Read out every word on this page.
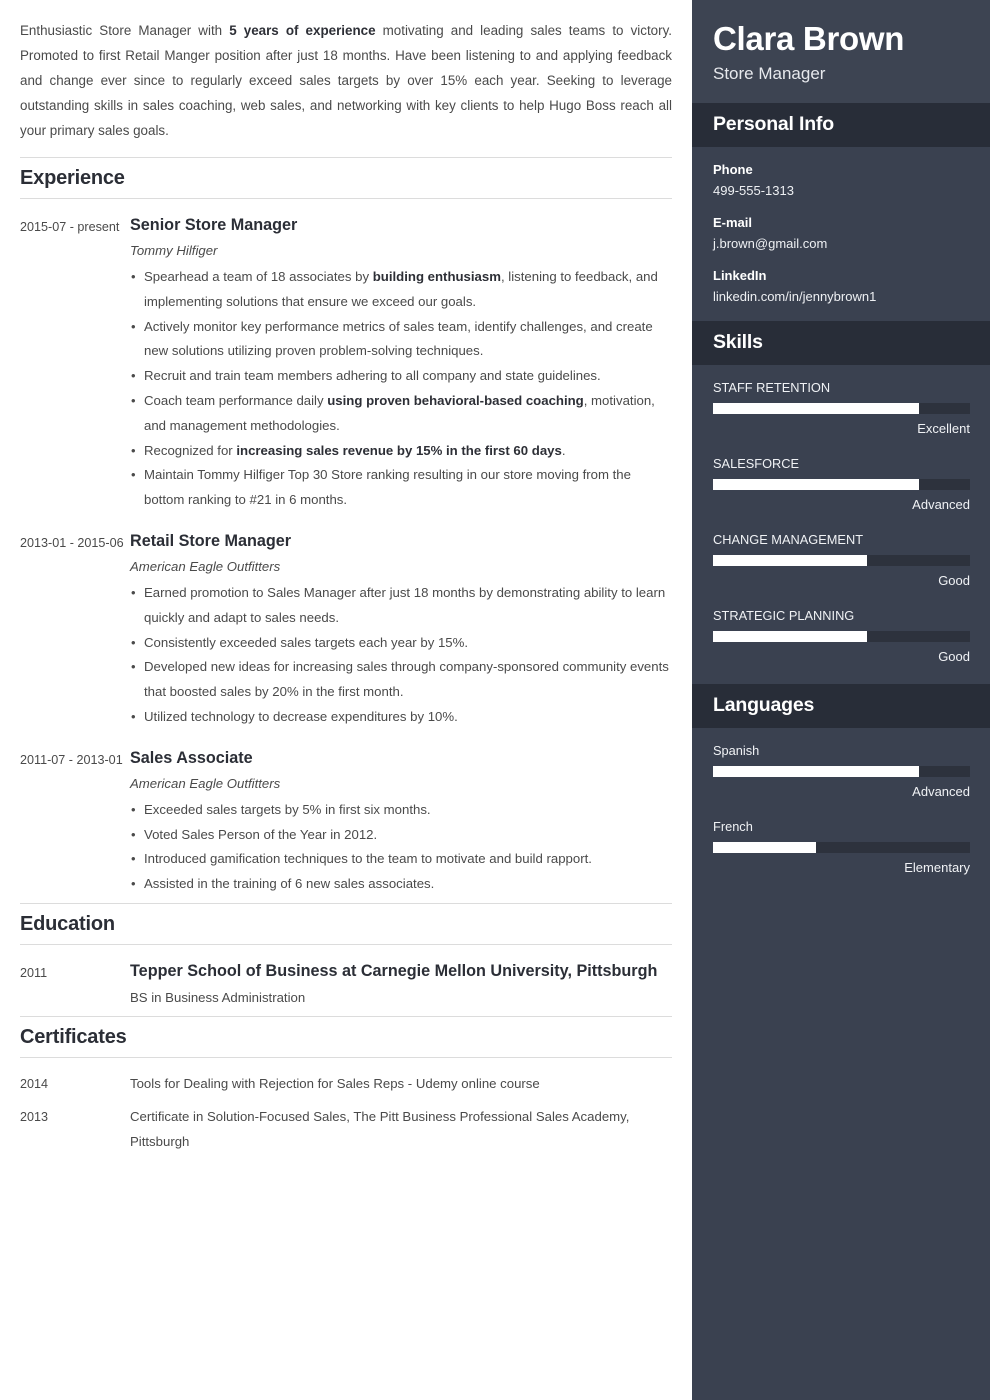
Enthusiastic Store Manager with 5 years of experience motivating and leading sales teams to victory. Promoted to first Retail Manger position after just 18 months. Have been listening to and applying feedback and change ever since to regularly exceed sales targets by over 15% each year. Seeking to leverage outstanding skills in sales coaching, web sales, and networking with key clients to help Hugo Boss reach all your primary sales goals.

Experience
2015-07 - present Senior Store Manager
Tommy Hilfiger
• Spearhead a team of 18 associates by building enthusiasm, listening to feedback, and implementing solutions that ensure we exceed our goals.
• Actively monitor key performance metrics of sales team, identify challenges, and create new solutions utilizing proven problem-solving techniques.
• Recruit and train team members adhering to all company and state guidelines.
• Coach team performance daily using proven behavioral-based coaching, motivation, and management methodologies.
• Recognized for increasing sales revenue by 15% in the first 60 days.
• Maintain Tommy Hilfiger Top 30 Store ranking resulting in our store moving from the bottom ranking to #21 in 6 months.
2013-01 - 2015-06 Retail Store Manager
American Eagle Outfitters
• Earned promotion to Sales Manager after just 18 months by demonstrating ability to learn quickly and adapt to sales needs.
• Consistently exceeded sales targets each year by 15%.
• Developed new ideas for increasing sales through company-sponsored community events that boosted sales by 20% in the first month.
• Utilized technology to decrease expenditures by 10%.
2011-07 - 2013-01 Sales Associate
American Eagle Outfitters
• Exceeded sales targets by 5% in first six months.
• Voted Sales Person of the Year in 2012.
• Introduced gamification techniques to the team to motivate and build rapport.
• Assisted in the training of 6 new sales associates.
Education
2011	Tepper School of Business at Carnegie Mellon University, Pittsburgh
BS in Business Administration
Certificates
2014	Tools for Dealing with Rejection for Sales Reps - Udemy online course
2013	Certificate in Solution-Focused Sales, The Pitt Business Professional Sales Academy, Pittsburgh
Clara Brown
Store Manager
Personal Info
Phone
499-555-1313
E-mail
j.brown@gmail.com
LinkedIn
linkedin.com/in/jennybrown1
Skills
STAFF RETENTION
Excellent
SALESFORCE
Advanced
CHANGE MANAGEMENT
Good
STRATEGIC PLANNING
Good
Languages
Spanish
Advanced
French
Elementary
